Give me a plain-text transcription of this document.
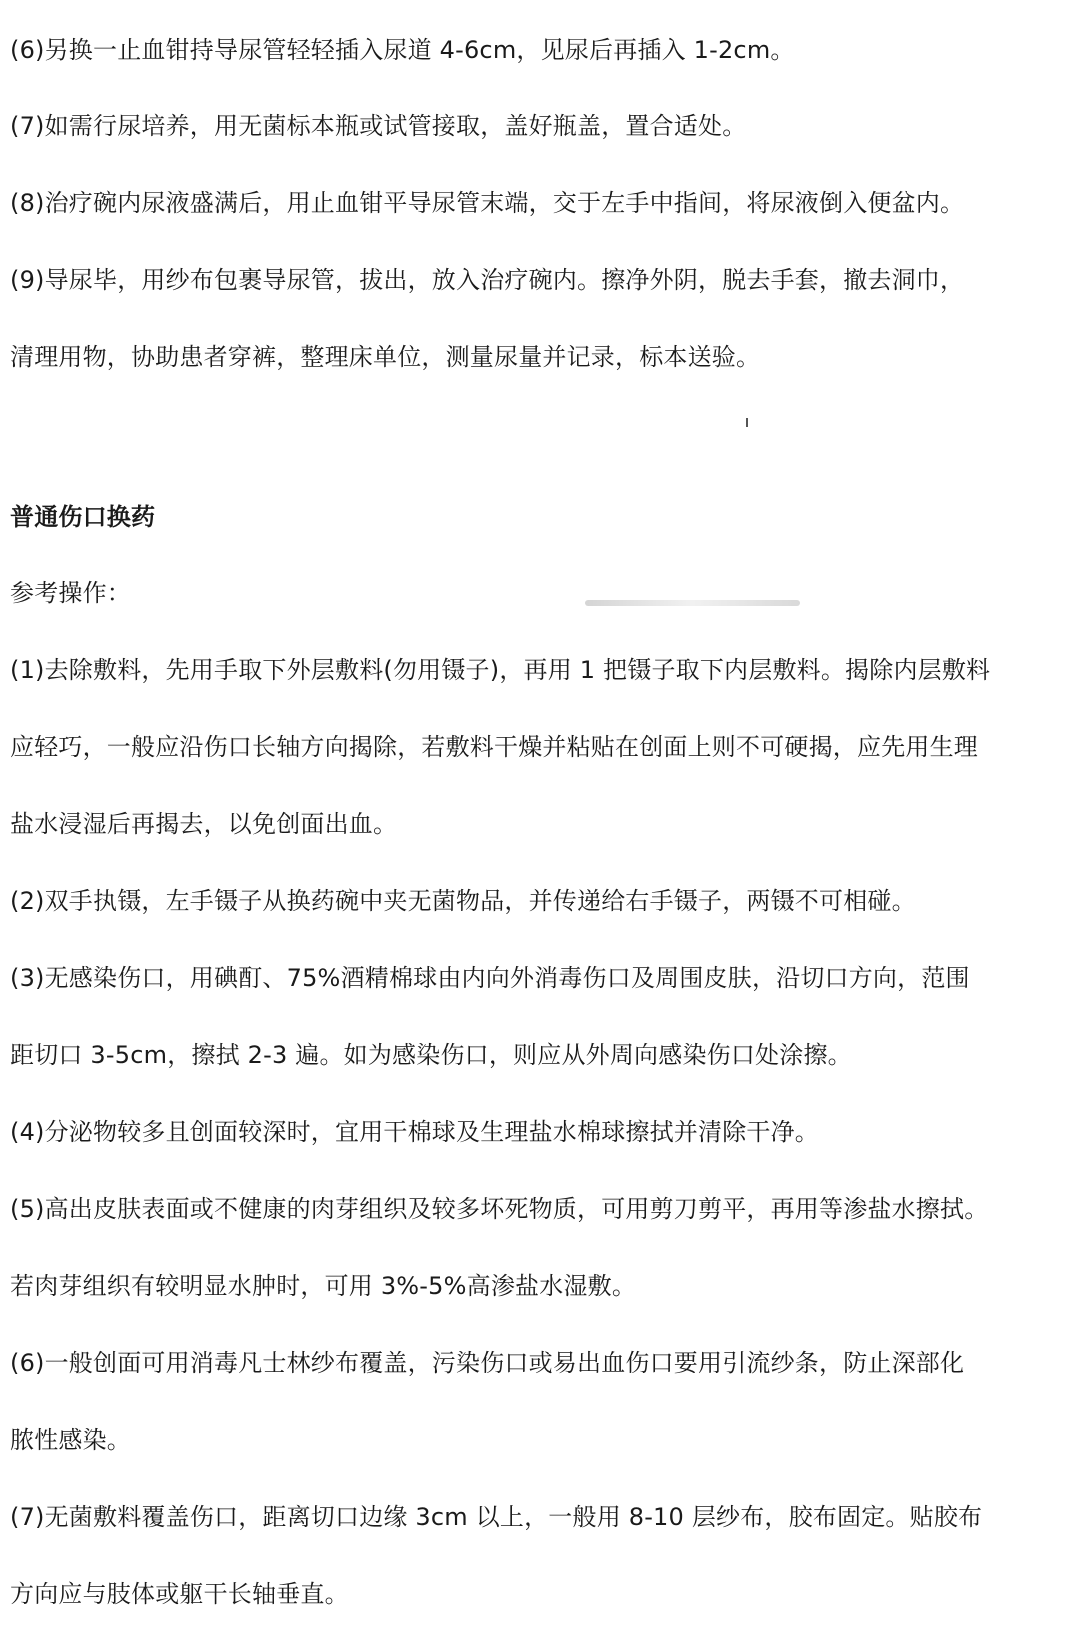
(6)另换一止血钳持导尿管轻轻插入尿道 4-6cm，见尿后再插入 1-2cm。
(7)如需行尿培养，用无菌标本瓶或试管接取，盖好瓶盖，置合适处。
(8)治疗碗内尿液盛满后，用止血钳平导尿管末端，交于左手中指间，将尿液倒入便盆内。
(9)导尿毕，用纱布包裹导尿管，拔出，放入治疗碗内。擦净外阴，脱去手套，撤去洞巾，
清理用物，协助患者穿裤，整理床单位，测量尿量并记录，标本送验。
普通伤口换药
参考操作：
(1)去除敷料，先用手取下外层敷料(勿用镊子)，再用 1 把镊子取下内层敷料。揭除内层敷料
应轻巧，一般应沿伤口长轴方向揭除，若敷料干燥并粘贴在创面上则不可硬揭，应先用生理
盐水浸湿后再揭去，以免创面出血。
(2)双手执镊，左手镊子从换药碗中夹无菌物品，并传递给右手镊子，两镊不可相碰。
(3)无感染伤口，用碘酊、75%酒精棉球由内向外消毒伤口及周围皮肤，沿切口方向，范围
距切口 3-5cm，擦拭 2-3 遍。如为感染伤口，则应从外周向感染伤口处涂擦。
(4)分泌物较多且创面较深时，宜用干棉球及生理盐水棉球擦拭并清除干净。
(5)高出皮肤表面或不健康的肉芽组织及较多坏死物质，可用剪刀剪平，再用等渗盐水擦拭。
若肉芽组织有较明显水肿时，可用 3%-5%高渗盐水湿敷。
(6)一般创面可用消毒凡士林纱布覆盖，污染伤口或易出血伤口要用引流纱条，防止深部化
脓性感染。
(7)无菌敷料覆盖伤口，距离切口边缘 3cm 以上，一般用 8-10 层纱布，胶布固定。贴胶布
方向应与肢体或躯干长轴垂直。
